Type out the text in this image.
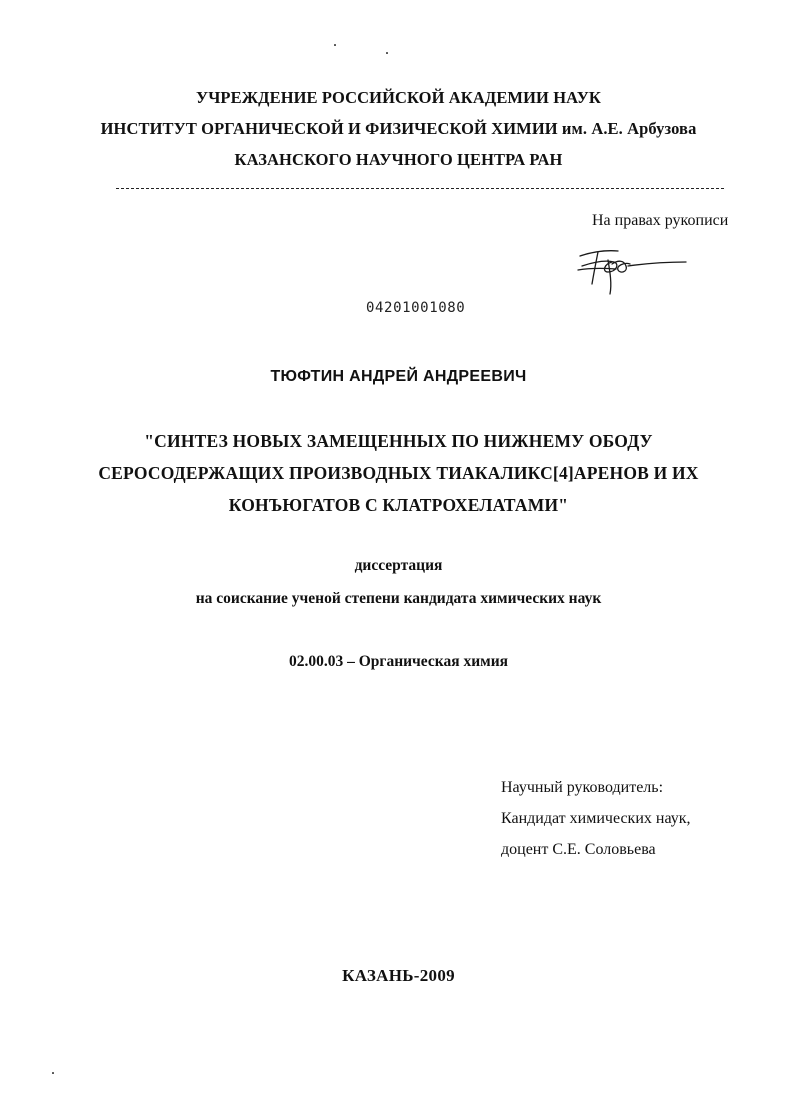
УЧРЕЖДЕНИЕ РОССИЙСКОЙ АКАДЕМИИ НАУК
ИНСТИТУТ ОРГАНИЧЕСКОЙ И ФИЗИЧЕСКОЙ ХИМИИ им. А.Е. Арбузова
КАЗАНСКОГО НАУЧНОГО ЦЕНТРА РАН
На правах рукописи
04201001080
ТЮФТИН АНДРЕЙ АНДРЕЕВИЧ
"СИНТЕЗ НОВЫХ ЗАМЕЩЕННЫХ ПО НИЖНЕМУ ОБОДУ
СЕРОСОДЕРЖАЩИХ ПРОИЗВОДНЫХ ТИАКАЛИКС[4]АРЕНОВ И ИХ
КОНЪЮГАТОВ С КЛАТРОХЕЛАТАМИ"
диссертация
на соискание ученой степени кандидата химических наук
02.00.03 – Органическая химия
Научный руководитель:
Кандидат химических наук,
доцент С.Е. Соловьева
КАЗАНЬ-2009
